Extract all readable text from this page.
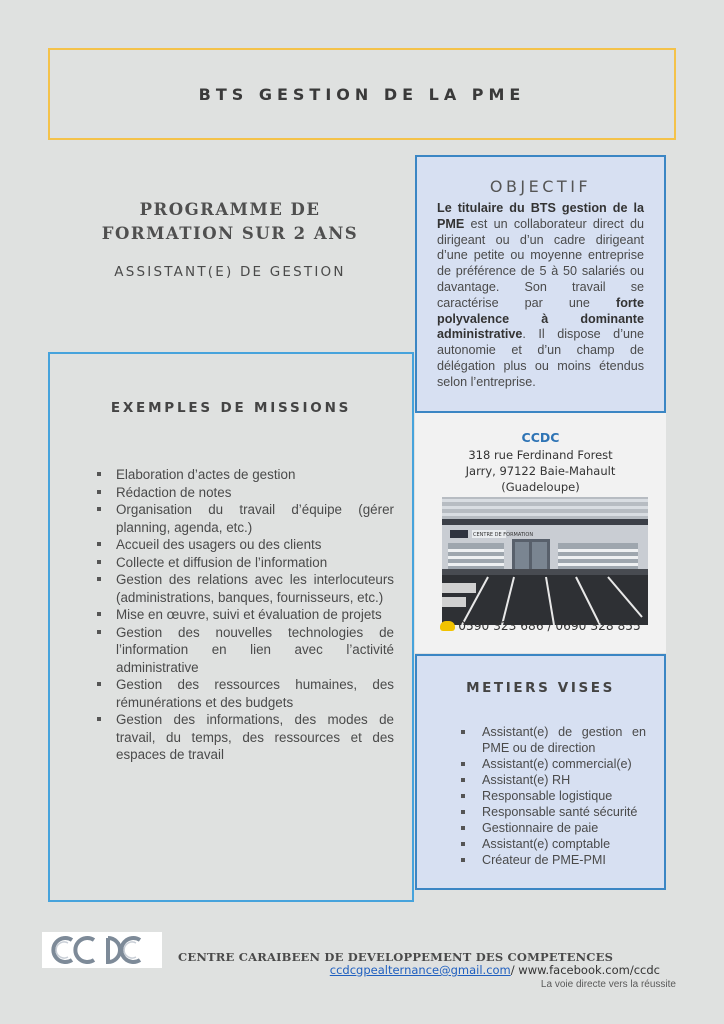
BTS GESTION DE LA PME
PROGRAMME DE
FORMATION SUR 2 ANS
ASSISTANT(E) DE GESTION
OBJECTIF

Le titulaire du BTS gestion de la PME est un collaborateur direct du dirigeant ou d’un cadre dirigeant d’une petite ou moyenne entreprise de préférence de 5 à 50 salariés ou davantage. Son travail se caractérise par une forte polyvalence à dominante administrative. Il dispose d’une autonomie et d’un champ de délégation plus ou moins étendus selon l’entreprise.

EXEMPLES DE MISSIONS
Elaboration d’actes de gestion
Rédaction de notes
Organisation du travail d’équipe (gérer planning, agenda, etc.)
Accueil des usagers ou des clients
Collecte et diffusion de l’information
Gestion des relations avec les interlocuteurs (administrations, banques, fournisseurs, etc.)
Mise en œuvre, suivi et évaluation de projets
Gestion des nouvelles technologies de l’information en lien avec l’activité administrative
Gestion des ressources humaines, des rémunérations et des budgets
Gestion des informations, des modes de travail, du temps, des ressources et des espaces de travail
CCDC
318 rue Ferdinand Forest
Jarry, 97122 Baie-Mahault
(Guadeloupe)
CENTRE DE FORMATION
0590 323 686 / 0690 328 855
METIERS VISES
Assistant(e) de gestion en PME ou de direction
Assistant(e) commercial(e)
Assistant(e) RH
Responsable logistique
Responsable santé sécurité
Gestionnaire de paie
Assistant(e) comptable
Créateur de PME-PMI
CENTRE CARAIBEEN DE DEVELOPPEMENT DES COMPETENCES
ccdcgpealternance@gmail.com/ www.facebook.com/ccdc
La voie directe vers la réussite
